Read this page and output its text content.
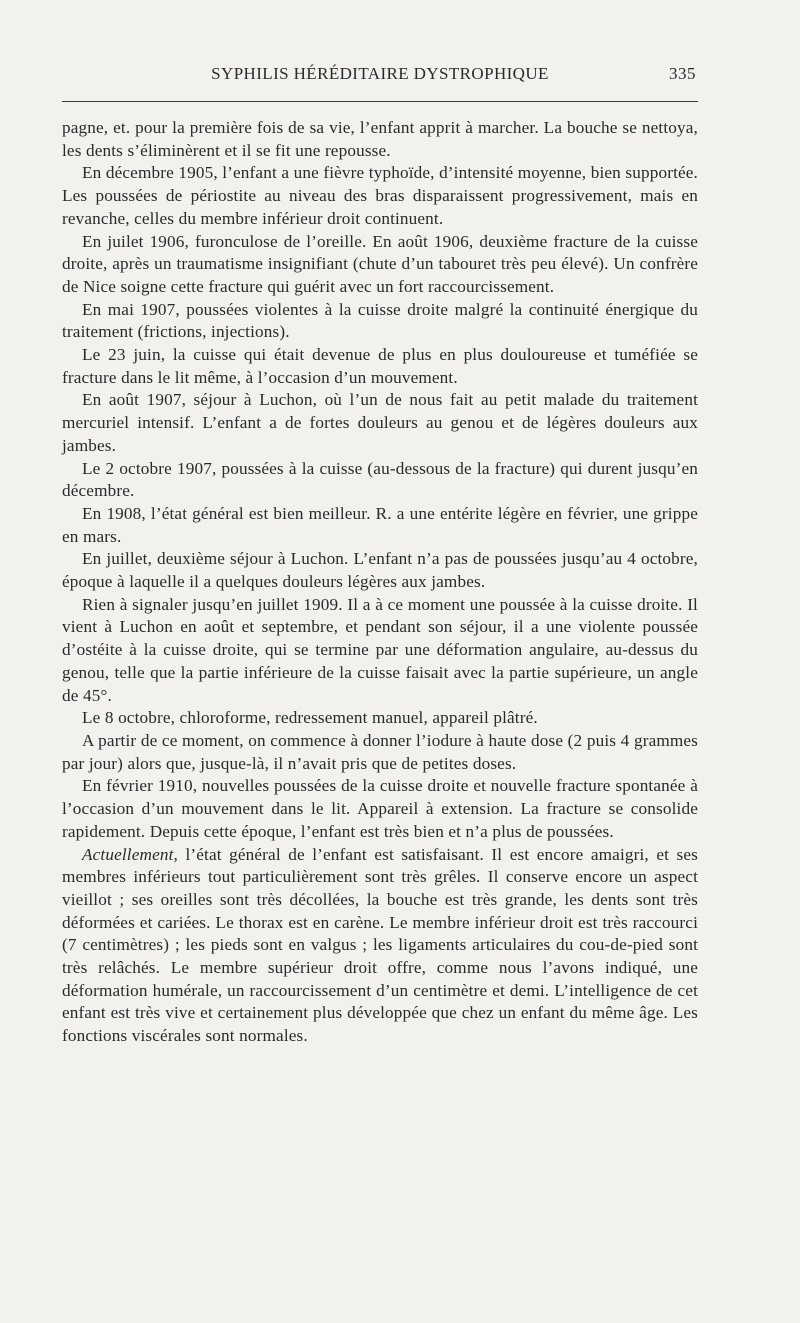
SYPHILIS HÉRÉDITAIRE DYSTROPHIQUE	335

pagne, et. pour la première fois de sa vie, l’enfant apprit à marcher. La bouche se nettoya, les dents s’éliminèrent et il se fit une repousse.

En décembre 1905, l’enfant a une fièvre typhoïde, d’intensité moyenne, bien supportée. Les poussées de périostite au niveau des bras disparaissent progressivement, mais en revanche, celles du membre inférieur droit continuent.

En juilet 1906, furonculose de l’oreille. En août 1906, deuxième fracture de la cuisse droite, après un traumatisme insignifiant (chute d’un tabouret très peu élevé). Un confrère de Nice soigne cette fracture qui guérit avec un fort raccourcissement.

En mai 1907, poussées violentes à la cuisse droite malgré la continuité énergique du traitement (frictions, injections).

Le 23 juin, la cuisse qui était devenue de plus en plus douloureuse et tuméfiée se fracture dans le lit même, à l’occasion d’un mouvement.

En août 1907, séjour à Luchon, où l’un de nous fait au petit malade du traitement mercuriel intensif. L’enfant a de fortes douleurs au genou et de légères douleurs aux jambes.

Le 2 octobre 1907, poussées à la cuisse (au-dessous de la fracture) qui durent jusqu’en décembre.

En 1908, l’état général est bien meilleur. R. a une entérite légère en février, une grippe en mars.

En juillet, deuxième séjour à Luchon. L’enfant n’a pas de poussées jusqu’au 4 octobre, époque à laquelle il a quelques douleurs légères aux jambes.

Rien à signaler jusqu’en juillet 1909. Il a à ce moment une poussée à la cuisse droite. Il vient à Luchon en août et septembre, et pendant son séjour, il a une violente poussée d’ostéite à la cuisse droite, qui se termine par une déformation angulaire, au-dessus du genou, telle que la partie inférieure de la cuisse faisait avec la partie supérieure, un angle de 45°.

Le 8 octobre, chloroforme, redressement manuel, appareil plâtré.

A partir de ce moment, on commence à donner l’iodure à haute dose (2 puis 4 grammes par jour) alors que, jusque-là, il n’avait pris que de petites doses.

En février 1910, nouvelles poussées de la cuisse droite et nouvelle fracture spontanée à l’occasion d’un mouvement dans le lit. Appareil à extension. La fracture se consolide rapidement. Depuis cette époque, l’enfant est très bien et n’a plus de poussées.

Actuellement, l’état général de l’enfant est satisfaisant. Il est encore amaigri, et ses membres inférieurs tout particulièrement sont très grêles. Il conserve encore un aspect vieillot ; ses oreilles sont très décollées, la bouche est très grande, les dents sont très déformées et cariées. Le thorax est en carène. Le membre inférieur droit est très raccourci (7 centimètres) ; les pieds sont en valgus ; les ligaments articulaires du cou-de-pied sont très relâchés. Le membre supérieur droit offre, comme nous l’avons indiqué, une déformation humérale, un raccourcissement d’un centimètre et demi. L’intelligence de cet enfant est très vive et certainement plus développée que chez un enfant du même âge. Les fonctions viscérales sont normales.
